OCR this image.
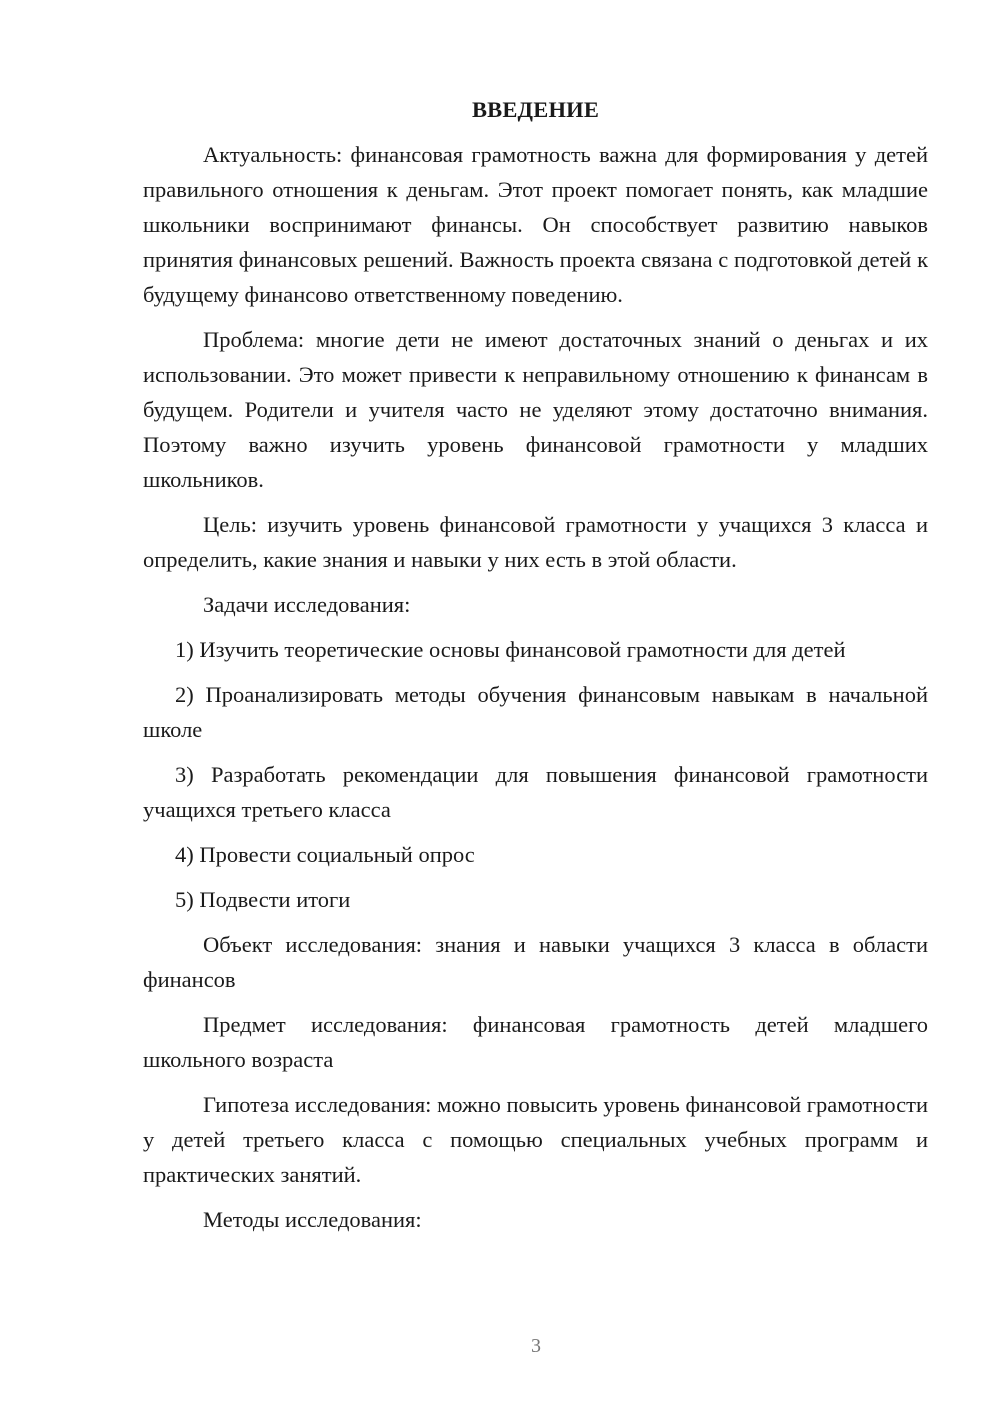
ВВЕДЕНИЕ

Актуальность: финансовая грамотность важна для формирования у детей правильного отношения к деньгам. Этот проект помогает понять, как младшие школьники воспринимают финансы. Он способствует развитию навыков принятия финансовых решений. Важность проекта связана с подготовкой детей к будущему финансово ответственному поведению.

Проблема: многие дети не имеют достаточных знаний о деньгах и их использовании. Это может привести к неправильному отношению к финансам в будущем. Родители и учителя часто не уделяют этому достаточно внимания. Поэтому важно изучить уровень финансовой грамотности у младших школьников.

Цель: изучить уровень финансовой грамотности у учащихся 3 класса и определить, какие знания и навыки у них есть в этой области.

Задачи исследования:

1) Изучить теоретические основы финансовой грамотности для детей

2) Проанализировать методы обучения финансовым навыкам в начальной школе

3) Разработать рекомендации для повышения финансовой грамотности учащихся третьего класса

4) Провести социальный опрос

5) Подвести итоги

Объект исследования: знания и навыки учащихся 3 класса в области финансов

Предмет исследования: финансовая грамотность детей младшего школьного возраста

Гипотеза исследования: можно повысить уровень финансовой грамотности у детей третьего класса с помощью специальных учебных программ и практических занятий.

Методы исследования:

3
